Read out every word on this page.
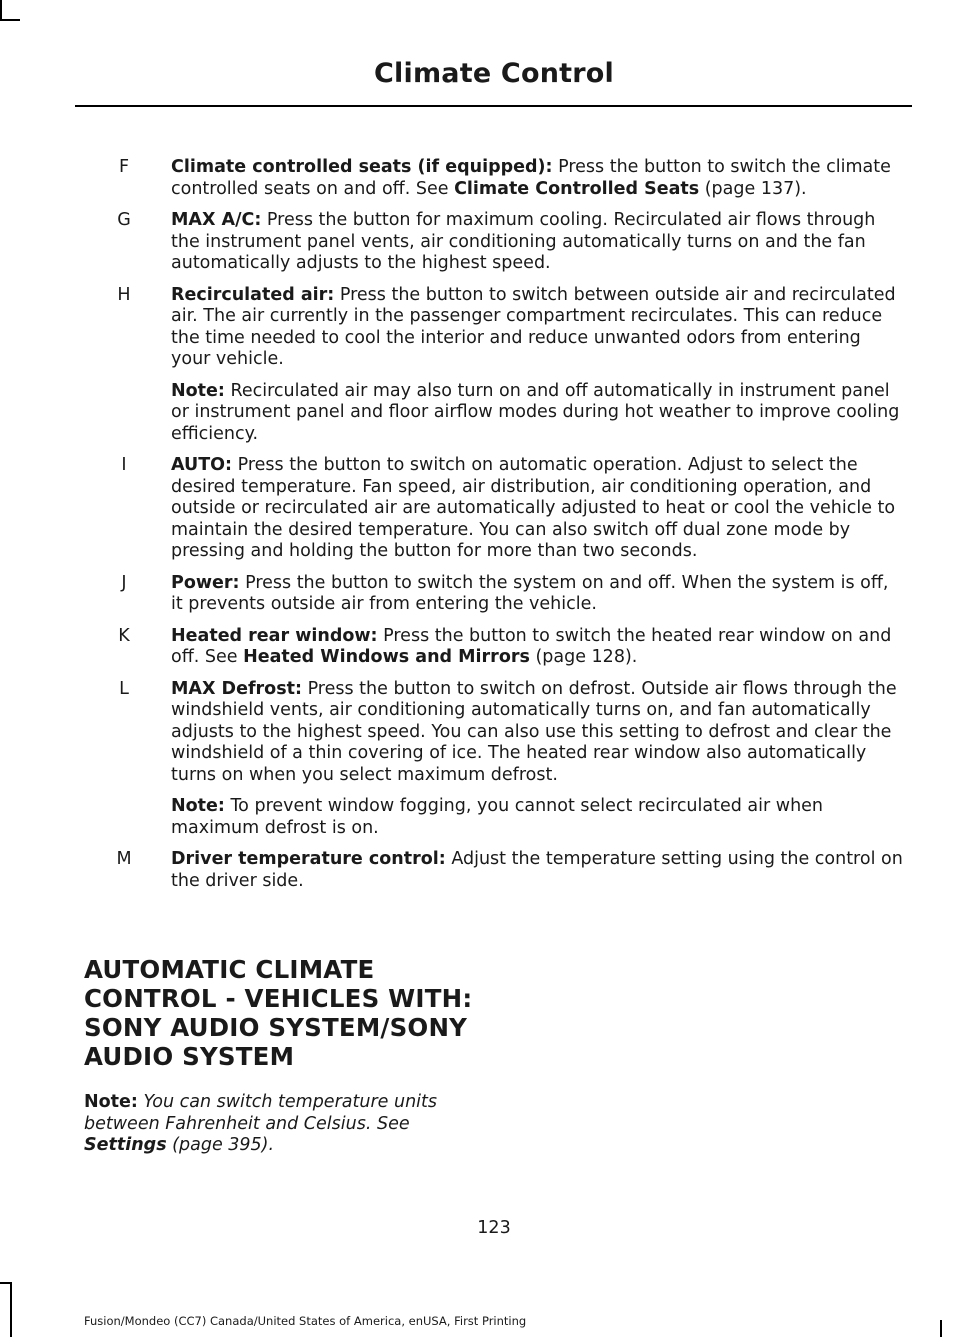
Climate Control
F Climate controlled seats (if equipped): Press the button to switch the climate controlled seats on and off. See Climate Controlled Seats (page 137).

G MAX A/C: Press the button for maximum cooling. Recirculated air flows through the instrument panel vents, air conditioning automatically turns on and the fan automatically adjusts to the highest speed.

H Recirculated air: Press the button to switch between outside air and recirculated air. The air currently in the passenger compartment recirculates. This can reduce the time needed to cool the interior and reduce unwanted odors from entering your vehicle.

Note: Recirculated air may also turn on and off automatically in instrument panel or instrument panel and floor airflow modes during hot weather to improve cooling efficiency.

I	AUTO: Press the button to switch on automatic operation. Adjust to select the desired temperature. Fan speed, air distribution, air conditioning operation, and outside or recirculated air are automatically adjusted to heat or cool the vehicle to maintain the desired temperature. You can also switch off dual zone mode by pressing and holding the button for more than two seconds.

J	Power: Press the button to switch the system on and off. When the system is off, it prevents outside air from entering the vehicle.

K Heated rear window: Press the button to switch the heated rear window on and off. See Heated Windows and Mirrors (page 128).

L MAX Defrost: Press the button to switch on defrost. Outside air flows through the windshield vents, air conditioning automatically turns on, and fan automatically adjusts to the highest speed. You can also use this setting to defrost and clear the windshield of a thin covering of ice. The heated rear window also automatically turns on when you select maximum defrost.

Note: To prevent window fogging, you cannot select recirculated air when maximum defrost is on.

M Driver temperature control: Adjust the temperature setting using the control on the driver side.

AUTOMATIC CLIMATE
CONTROL - VEHICLES WITH:
SONY AUDIO SYSTEM/SONY
AUDIO SYSTEM

Note: You can switch temperature units between Fahrenheit and Celsius. See Settings (page 395).

123
Fusion/Mondeo (CC7) Canada/United States of America, enUSA, First Printing
